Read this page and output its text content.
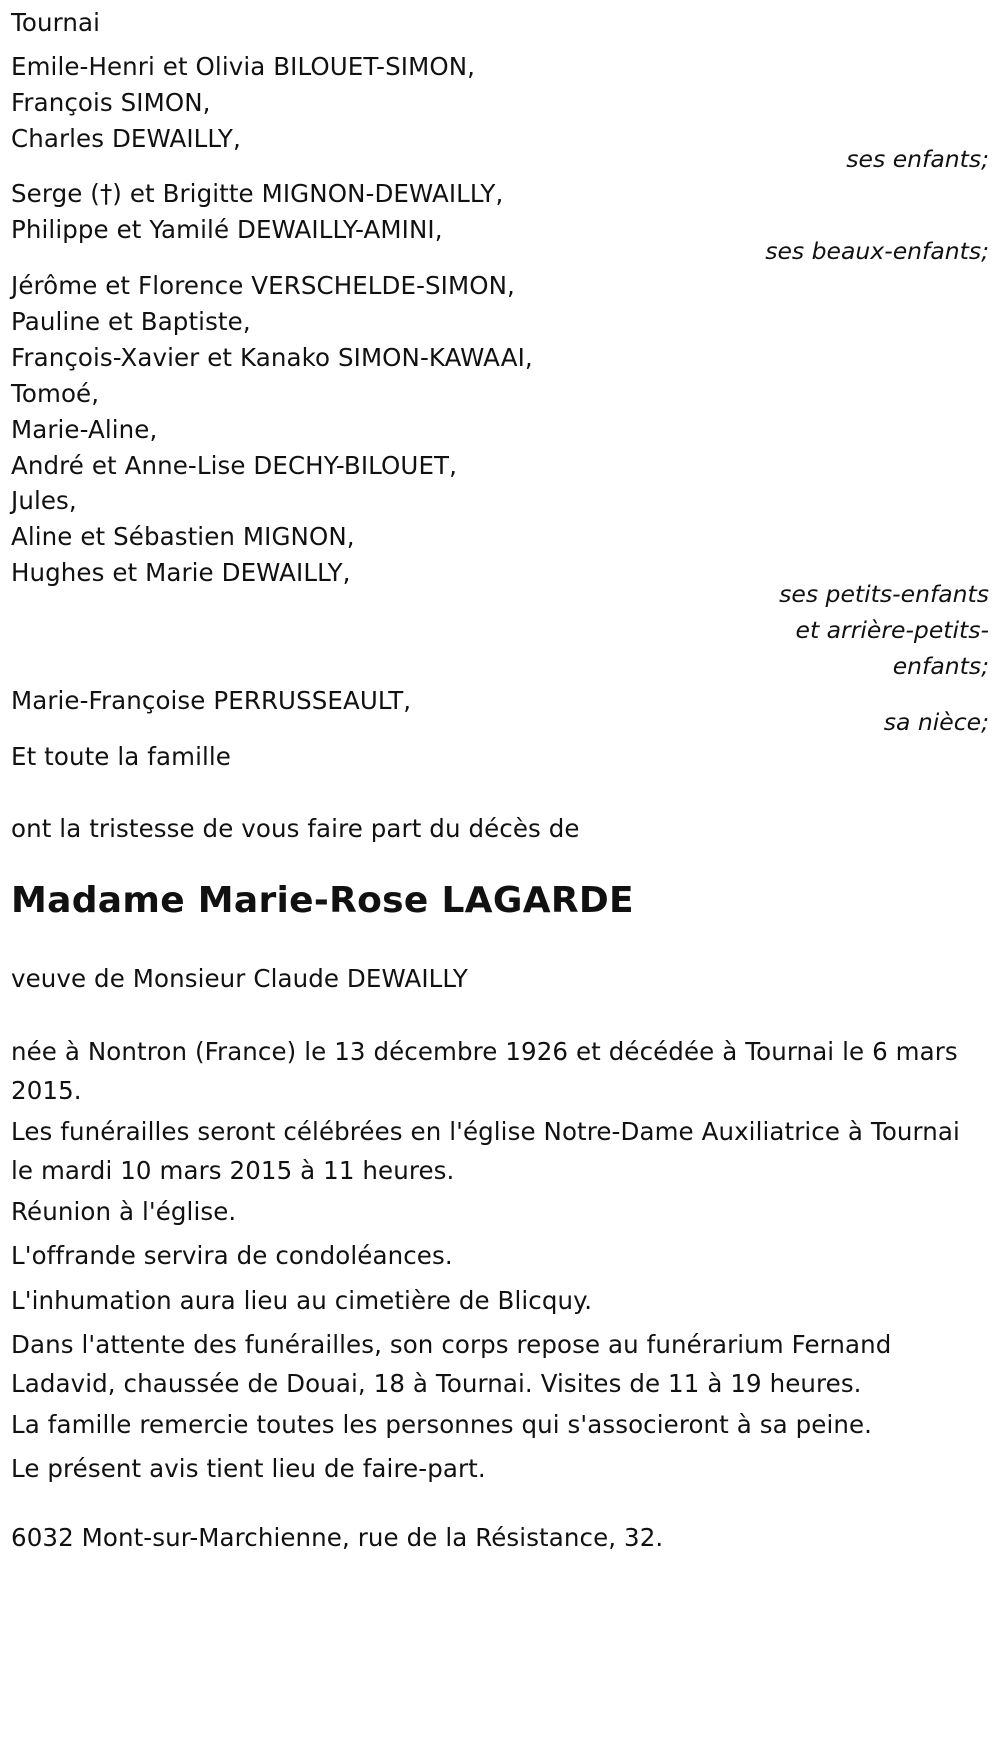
Tournai
Emile-Henri et Olivia BILOUET-SIMON,
François SIMON,
Charles DEWAILLY,
ses enfants;
Serge (†) et Brigitte MIGNON-DEWAILLY,
Philippe et Yamilé DEWAILLY-AMINI,
ses beaux-enfants;
Jérôme et Florence VERSCHELDE-SIMON,
Pauline et Baptiste,
François-Xavier et Kanako SIMON-KAWAAI,
Tomoé,
Marie-Aline,
André et Anne-Lise DECHY-BILOUET,
Jules,
Aline et Sébastien MIGNON,
Hughes et Marie DEWAILLY,
ses petits-enfants
et arrière-petits-
enfants;
Marie-Françoise PERRUSSEAULT,
sa nièce;
Et toute la famille
ont la tristesse de vous faire part du décès de
Madame Marie-Rose LAGARDE
veuve de Monsieur Claude DEWAILLY
née à Nontron (France) le 13 décembre 1926 et décédée à Tournai le 6 mars 2015.
Les funérailles seront célébrées en l'église Notre-Dame Auxiliatrice à Tournai le mardi 10 mars 2015 à 11 heures.
Réunion à l'église.
L'offrande servira de condoléances.
L'inhumation aura lieu au cimetière de Blicquy.
Dans l'attente des funérailles, son corps repose au funérarium Fernand Ladavid, chaussée de Douai, 18 à Tournai. Visites de 11 à 19 heures.
La famille remercie toutes les personnes qui s'associeront à sa peine.
Le présent avis tient lieu de faire-part.
6032 Mont-sur-Marchienne, rue de la Résistance, 32.
